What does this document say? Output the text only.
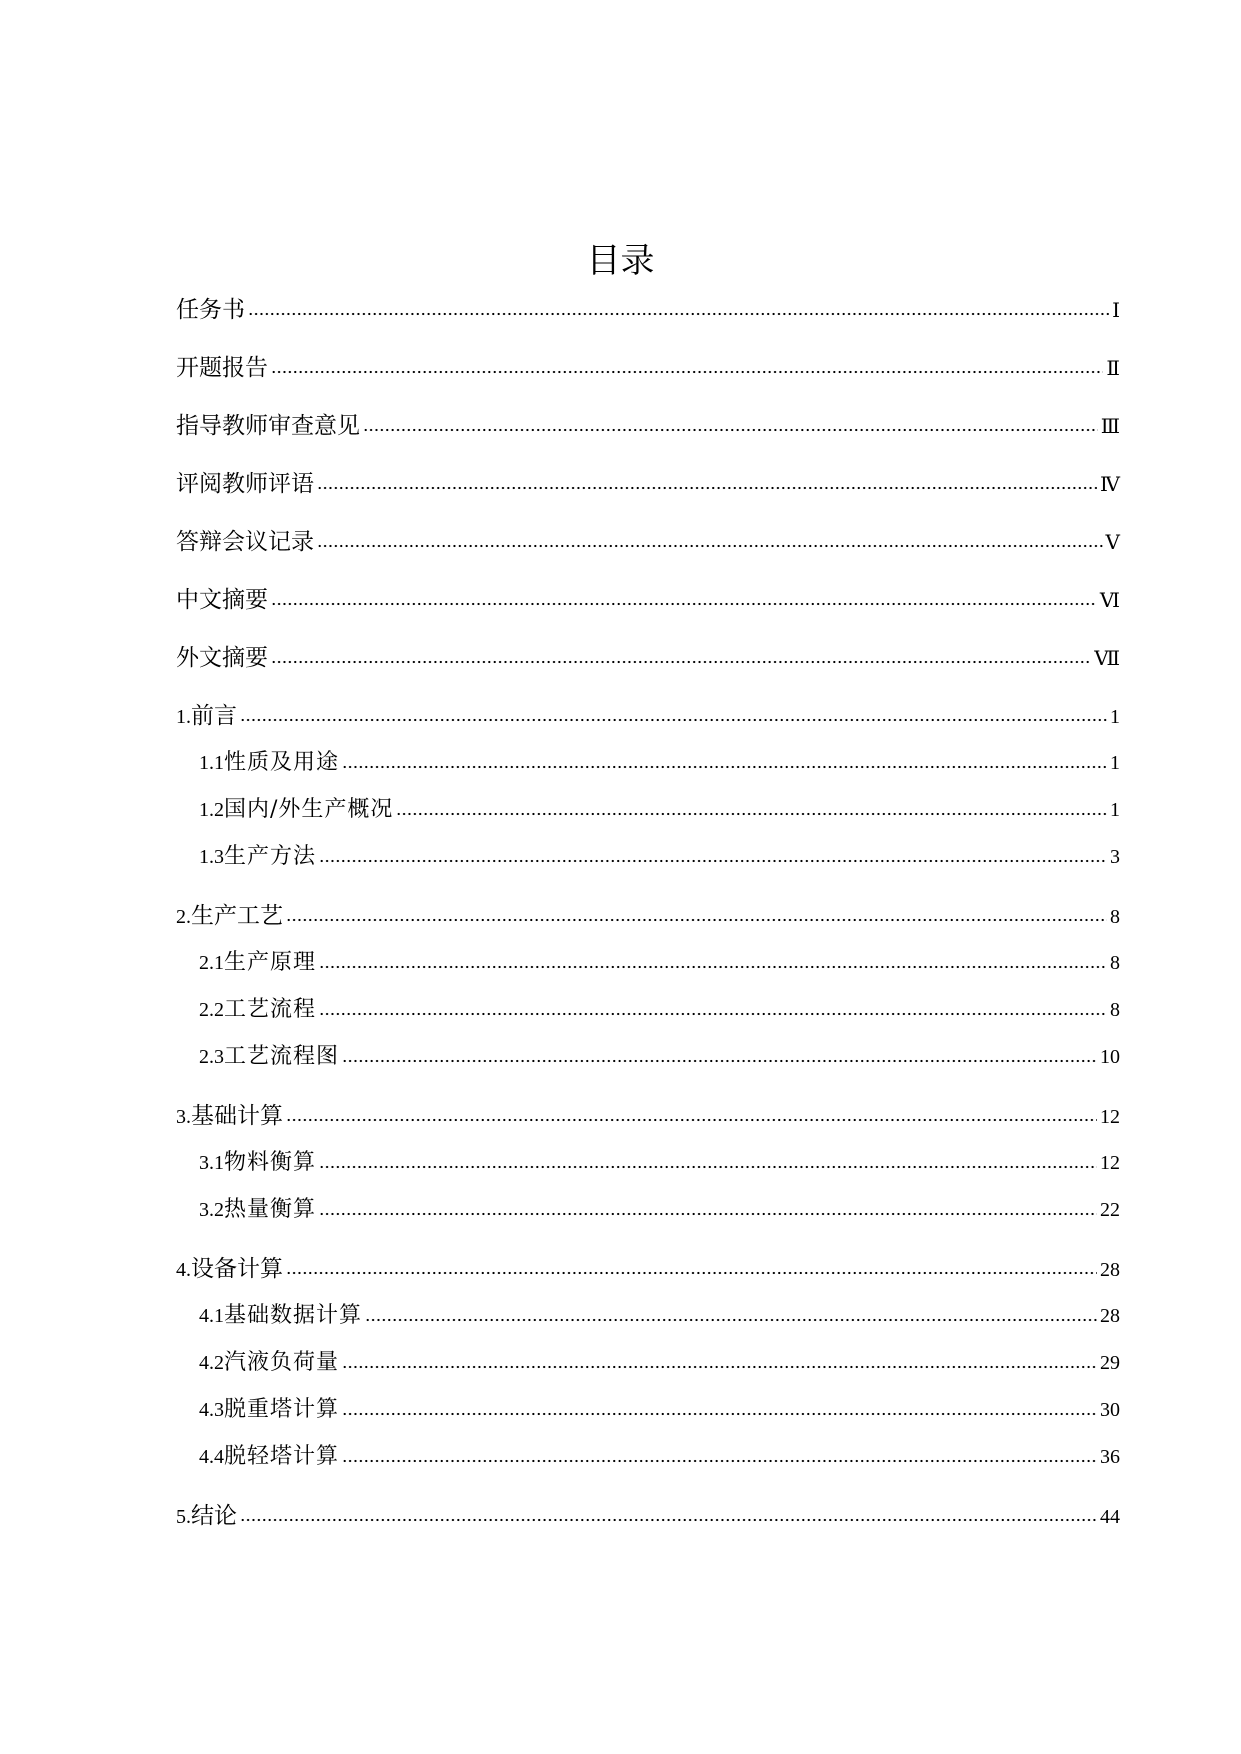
目录
任务书	Ⅰ
开题报告	Ⅱ
指导教师审查意见	Ⅲ
评阅教师评语	Ⅳ
答辩会议记录	Ⅴ
中文摘要	Ⅵ
外文摘要	Ⅶ
1. 前言	1
1.1 性质及用途	1
1.2 国内/外生产概况	1
1.3 生产方法	3
2. 生产工艺	8
2.1 生产原理	8
2.2 工艺流程	8
2.3 工艺流程图	10
3. 基础计算	12
3.1 物料衡算	12
3.2 热量衡算	22
4. 设备计算	28
4.1 基础数据计算	28
4.2 汽液负荷量	29
4.3 脱重塔计算	30
4.4 脱轻塔计算	36
5. 结论	44
